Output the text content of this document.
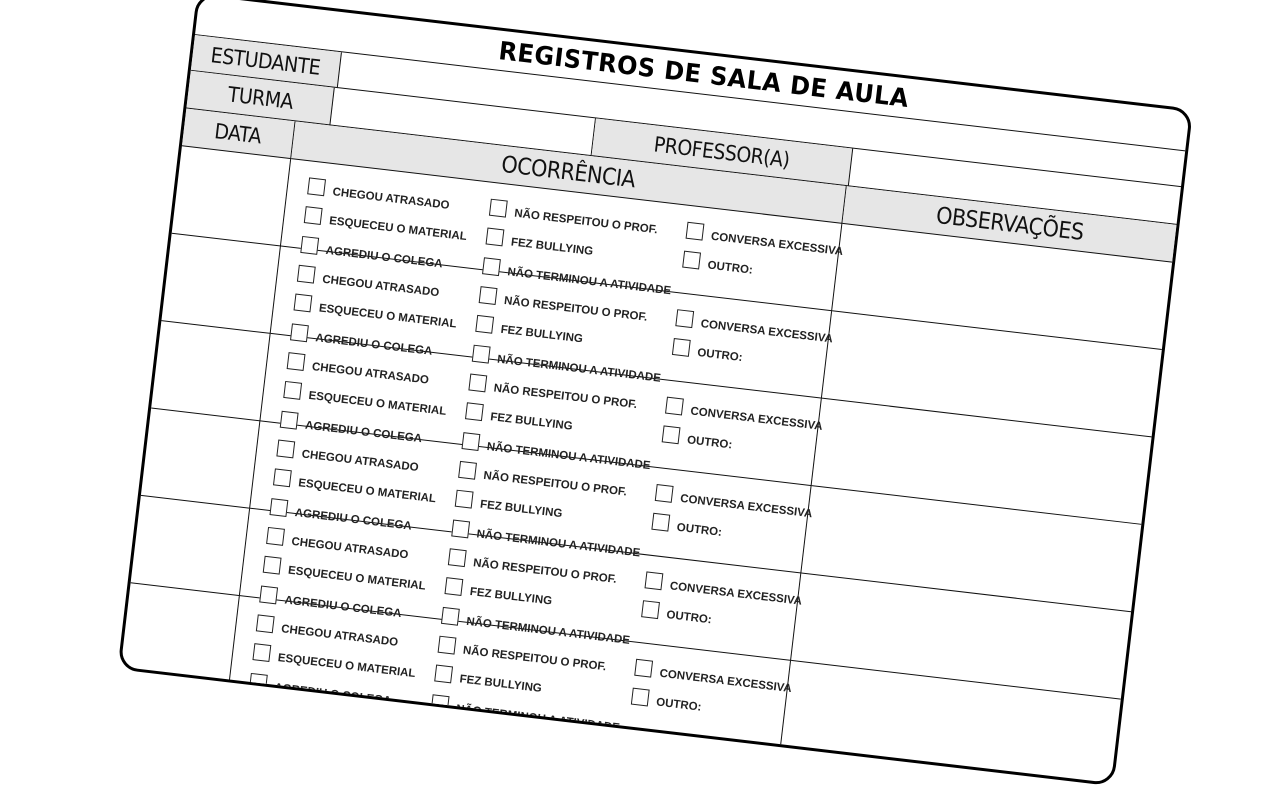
REGISTROS DE SALA DE AULA
ESTUDANTE
TURMA
PROFESSOR(A)
DATA
OCORRÊNCIA
OBSERVAÇÕES
CHEGOU ATRASADO
ESQUECEU O MATERIAL
AGREDIU O COLEGA
NÃO RESPEITOU O PROF.
FEZ BULLYING
NÃO TERMINOU A ATIVIDADE
CONVERSA EXCESSIVA
OUTRO:
CHEGOU ATRASADO
ESQUECEU O MATERIAL
AGREDIU O COLEGA
NÃO RESPEITOU O PROF.
FEZ BULLYING
NÃO TERMINOU A ATIVIDADE
CONVERSA EXCESSIVA
OUTRO:
CHEGOU ATRASADO
ESQUECEU O MATERIAL
AGREDIU O COLEGA
NÃO RESPEITOU O PROF.
FEZ BULLYING
NÃO TERMINOU A ATIVIDADE
CONVERSA EXCESSIVA
OUTRO:
CHEGOU ATRASADO
ESQUECEU O MATERIAL
AGREDIU O COLEGA
NÃO RESPEITOU O PROF.
FEZ BULLYING
NÃO TERMINOU A ATIVIDADE
CONVERSA EXCESSIVA
OUTRO:
CHEGOU ATRASADO
ESQUECEU O MATERIAL
AGREDIU O COLEGA
NÃO RESPEITOU O PROF.
FEZ BULLYING
NÃO TERMINOU A ATIVIDADE
CONVERSA EXCESSIVA
OUTRO:
CHEGOU ATRASADO
ESQUECEU O MATERIAL
AGREDIU O COLEGA
NÃO RESPEITOU O PROF.
FEZ BULLYING
NÃO TERMINOU A ATIVIDADE
CONVERSA EXCESSIVA
OUTRO:
